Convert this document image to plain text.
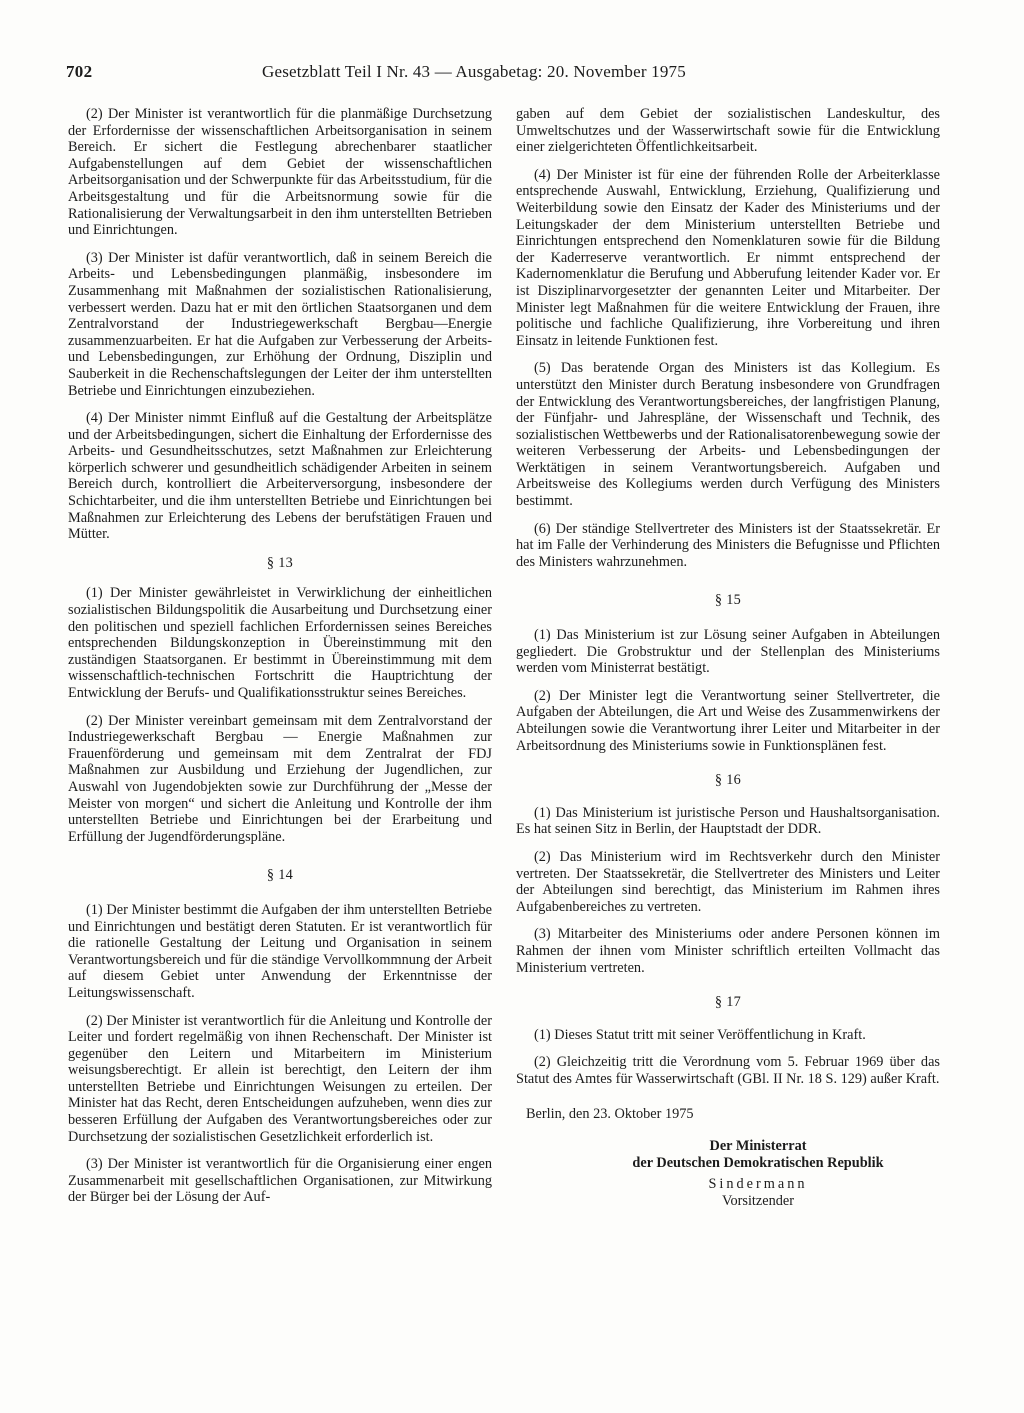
702	Gesetzblatt Teil I Nr. 43 — Ausgabetag: 20. November 1975

(2) Der Minister ist verantwortlich für die planmäßige Durchsetzung der Erfordernisse der wissenschaftlichen Arbeitsorganisation in seinem Bereich. Er sichert die Festlegung abrechenbarer staatlicher Aufgabenstellungen auf dem Gebiet der wissenschaftlichen Arbeitsorganisation und der Schwerpunkte für das Arbeitsstudium, für die Arbeitsgestaltung und für die Arbeitsnormung sowie für die Rationalisierung der Verwaltungsarbeit in den ihm unterstellten Betrieben und Einrichtungen.

(3) Der Minister ist dafür verantwortlich, daß in seinem Bereich die Arbeits- und Lebensbedingungen planmäßig, insbesondere im Zusammenhang mit Maßnahmen der sozialistischen Rationalisierung, verbessert werden. Dazu hat er mit den örtlichen Staatsorganen und dem Zentralvorstand der Industriegewerkschaft Bergbau—Energie zusammenzuarbeiten. Er hat die Aufgaben zur Verbesserung der Arbeits- und Lebensbedingungen, zur Erhöhung der Ordnung, Disziplin und Sauberkeit in die Rechenschaftslegungen der Leiter der ihm unterstellten Betriebe und Einrichtungen einzubeziehen.

(4) Der Minister nimmt Einfluß auf die Gestaltung der Arbeitsplätze und der Arbeitsbedingungen, sichert die Einhaltung der Erfordernisse des Arbeits- und Gesundheitsschutzes, setzt Maßnahmen zur Erleichterung körperlich schwerer und gesundheitlich schädigender Arbeiten in seinem Bereich durch, kontrolliert die Arbeiterversorgung, insbesondere der Schichtarbeiter, und die ihm unterstellten Betriebe und Einrichtungen bei Maßnahmen zur Erleichterung des Lebens der berufstätigen Frauen und Mütter.

§ 13

(1) Der Minister gewährleistet in Verwirklichung der einheitlichen sozialistischen Bildungspolitik die Ausarbeitung und Durchsetzung einer den politischen und speziell fachlichen Erfordernissen seines Bereiches entsprechenden Bildungskonzeption in Übereinstimmung mit den zuständigen Staatsorganen. Er bestimmt in Übereinstimmung mit dem wissenschaftlich-technischen Fortschritt die Hauptrichtung der Entwicklung der Berufs- und Qualifikationsstruktur seines Bereiches.

(2) Der Minister vereinbart gemeinsam mit dem Zentralvorstand der Industriegewerkschaft Bergbau — Energie Maßnahmen zur Frauenförderung und gemeinsam mit dem Zentralrat der FDJ Maßnahmen zur Ausbildung und Erziehung der Jugendlichen, zur Auswahl von Jugendobjekten sowie zur Durchführung der „Messe der Meister von morgen“ und sichert die Anleitung und Kontrolle der ihm unterstellten Betriebe und Einrichtungen bei der Erarbeitung und Erfüllung der Jugendförderungspläne.

§ 14

(1) Der Minister bestimmt die Aufgaben der ihm unterstellten Betriebe und Einrichtungen und bestätigt deren Statuten. Er ist verantwortlich für die rationelle Gestaltung der Leitung und Organisation in seinem Verantwortungsbereich und für die ständige Vervollkommnung der Arbeit auf diesem Gebiet unter Anwendung der Erkenntnisse der Leitungswissenschaft.

(2) Der Minister ist verantwortlich für die Anleitung und Kontrolle der Leiter und fordert regelmäßig von ihnen Rechenschaft. Der Minister ist gegenüber den Leitern und Mitarbeitern im Ministerium weisungsberechtigt. Er allein ist berechtigt, den Leitern der ihm unterstellten Betriebe und Einrichtungen Weisungen zu erteilen. Der Minister hat das Recht, deren Entscheidungen aufzuheben, wenn dies zur besseren Erfüllung der Aufgaben des Verantwortungsbereiches oder zur Durchsetzung der sozialistischen Gesetzlichkeit erforderlich ist.

(3) Der Minister ist verantwortlich für die Organisierung einer engen Zusammenarbeit mit gesellschaftlichen Organisationen, zur Mitwirkung der Bürger bei der Lösung der Auf-

gaben auf dem Gebiet der sozialistischen Landeskultur, des Umweltschutzes und der Wasserwirtschaft sowie für die Entwicklung einer zielgerichteten Öffentlichkeitsarbeit.

(4) Der Minister ist für eine der führenden Rolle der Arbeiterklasse entsprechende Auswahl, Entwicklung, Erziehung, Qualifizierung und Weiterbildung sowie den Einsatz der Kader des Ministeriums und der Leitungskader der dem Ministerium unterstellten Betriebe und Einrichtungen entsprechend den Nomenklaturen sowie für die Bildung der Kaderreserve verantwortlich. Er nimmt entsprechend der Kadernomenklatur die Berufung und Abberufung leitender Kader vor. Er ist Disziplinarvorgesetzter der genannten Leiter und Mitarbeiter. Der Minister legt Maßnahmen für die weitere Entwicklung der Frauen, ihre politische und fachliche Qualifizierung, ihre Vorbereitung und ihren Einsatz in leitende Funktionen fest.

(5) Das beratende Organ des Ministers ist das Kollegium. Es unterstützt den Minister durch Beratung insbesondere von Grundfragen der Entwicklung des Verantwortungsbereiches, der langfristigen Planung, der Fünfjahr- und Jahrespläne, der Wissenschaft und Technik, des sozialistischen Wettbewerbs und der Rationalisatorenbewegung sowie der weiteren Verbesserung der Arbeits- und Lebensbedingungen der Werktätigen in seinem Verantwortungsbereich. Aufgaben und Arbeitsweise des Kollegiums werden durch Verfügung des Ministers bestimmt.

(6) Der ständige Stellvertreter des Ministers ist der Staatssekretär. Er hat im Falle der Verhinderung des Ministers die Befugnisse und Pflichten des Ministers wahrzunehmen.

§ 15

(1) Das Ministerium ist zur Lösung seiner Aufgaben in Abteilungen gegliedert. Die Grobstruktur und der Stellenplan des Ministeriums werden vom Ministerrat bestätigt.

(2) Der Minister legt die Verantwortung seiner Stellvertreter, die Aufgaben der Abteilungen, die Art und Weise des Zusammenwirkens der Abteilungen sowie die Verantwortung ihrer Leiter und Mitarbeiter in der Arbeitsordnung des Ministeriums sowie in Funktionsplänen fest.

§ 16

(1) Das Ministerium ist juristische Person und Haushaltsorganisation. Es hat seinen Sitz in Berlin, der Hauptstadt der DDR.

(2) Das Ministerium wird im Rechtsverkehr durch den Minister vertreten. Der Staatssekretär, die Stellvertreter des Ministers und Leiter der Abteilungen sind berechtigt, das Ministerium im Rahmen ihres Aufgabenbereiches zu vertreten.

(3) Mitarbeiter des Ministeriums oder andere Personen können im Rahmen der ihnen vom Minister schriftlich erteilten Vollmacht das Ministerium vertreten.

§ 17

(1) Dieses Statut tritt mit seiner Veröffentlichung in Kraft.

(2) Gleichzeitig tritt die Verordnung vom 5. Februar 1969 über das Statut des Amtes für Wasserwirtschaft (GBl. II Nr. 18 S. 129) außer Kraft.

Berlin, den 23. Oktober 1975

Der Ministerrat
der Deutschen Demokratischen Republik
Sindermann
Vorsitzender
